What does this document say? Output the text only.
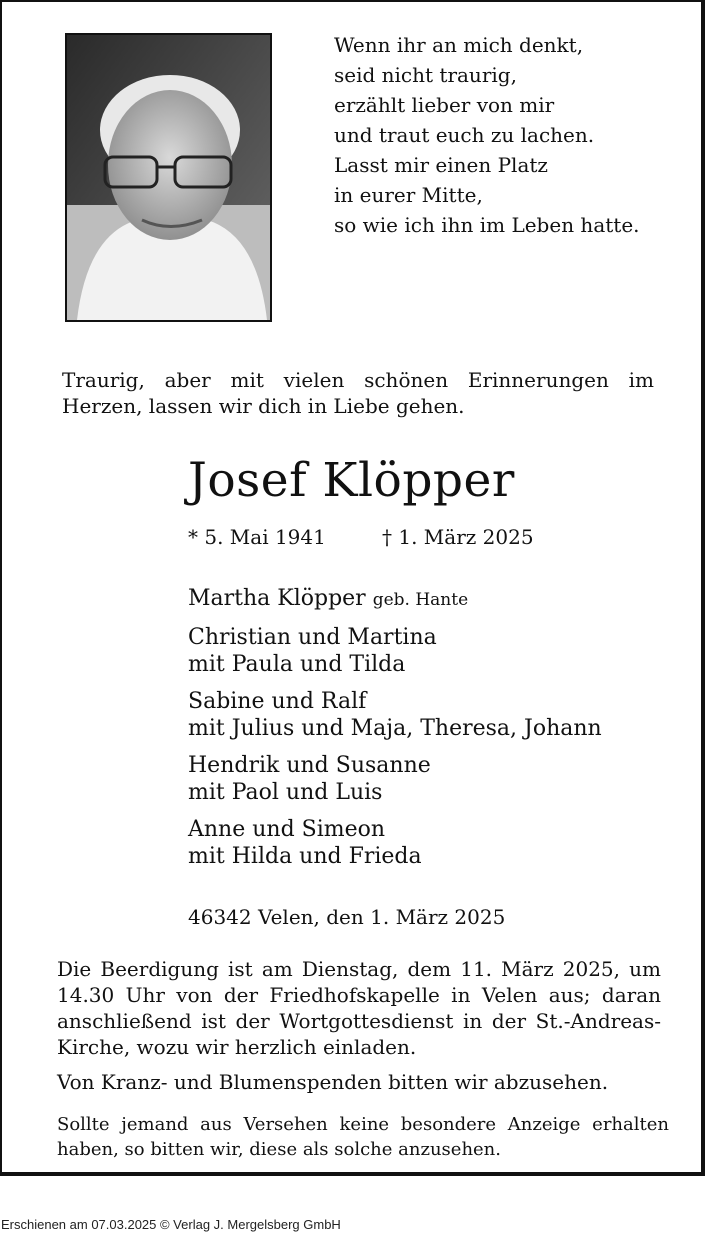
Wenn ihr an mich denkt,
seid nicht traurig,
erzählt lieber von mir
und traut euch zu lachen.
Lasst mir einen Platz
in eurer Mitte,
so wie ich ihn im Leben hatte.
Traurig, aber mit vielen schönen Erinnerungen im Herzen, lassen wir dich in Liebe gehen.
Josef Klöpper
* 5. Mai 1941	† 1. März 2025
Martha Klöpper geb. Hante
Christian und Martina
mit Paula und Tilda
Sabine und Ralf
mit Julius und Maja, Theresa, Johann
Hendrik und Susanne
mit Paol und Luis
Anne und Simeon
mit Hilda und Frieda
46342 Velen, den 1. März 2025
Die Beerdigung ist am Dienstag, dem 11. März 2025, um 14.30 Uhr von der Friedhofskapelle in Velen aus; daran anschließend ist der Wortgottesdienst in der St.-Andreas-Kirche, wozu wir herzlich einladen.
Von Kranz- und Blumenspenden bitten wir abzusehen.
Sollte jemand aus Versehen keine besondere Anzeige erhalten haben, so bitten wir, diese als solche anzusehen.
Erschienen am 07.03.2025 © Verlag J. Mergelsberg GmbH
